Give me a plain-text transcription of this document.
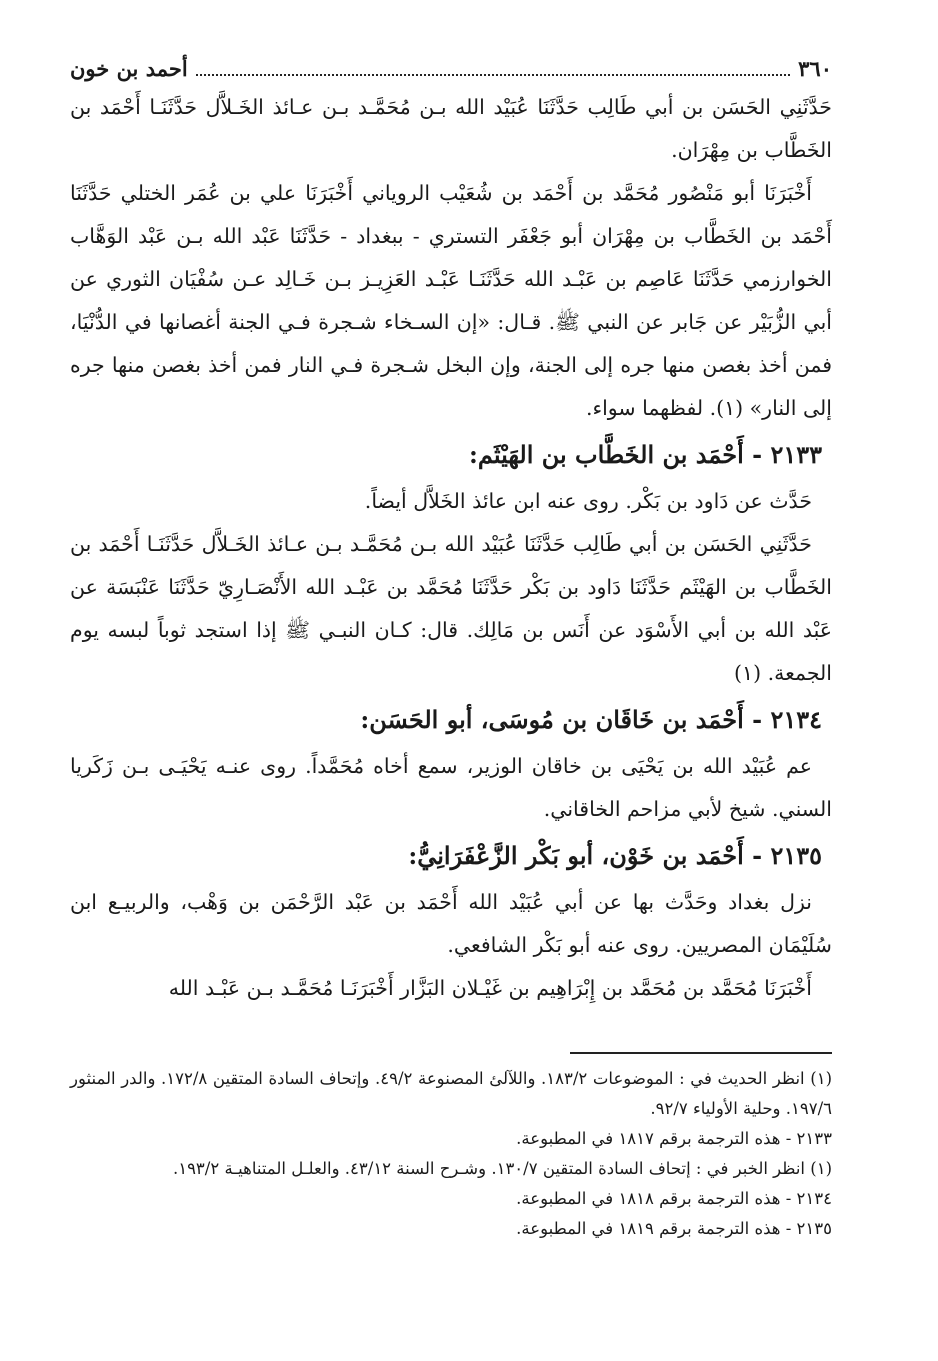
٣٦٠
أحمد بن خون

حَدَّثَنِي الحَسَن بن أبي طَالِب حَدَّثَنَا عُبَيْد الله بـن مُحَمَّـد بـن عـائذ الخَـلاَّل حَدَّثَنَـا أَحْمَد بن الخَطَّاب بن مِهْرَان.

أَخْبَرَنَا أبو مَنْصُور مُحَمَّد بن أَحْمَد بن شُعَيْب الروياني أَخْبَرَنَا علي بن عُمَر الختلي حَدَّثَنَا أَحْمَد بن الخَطَّاب بن مِهْرَان أبو جَعْفَر التستري - ببغداد - حَدَّثَنَا عَبْد الله بـن عَبْد الوَهَّاب الخوارزمي حَدَّثَنَا عَاصِم بن عَبْـد الله حَدَّثَنَـا عَبْـد العَزِيـز بـن خَـالِد عـن سُفْيَان الثوري عن أبي الزُّبَيْر عن جَابر عن النبي ﷺ. قـال: «إن السـخاء شـجرة فـي الجنة أغصانها في الدُّنْيَا، فمن أخذ بغصن منها جره إلى الجنة، وإن البخل شـجرة فـي النار فمن أخذ بغصن منها جره إلى النار» (١). لفظهما سواء.

٢١٣٣ - أَحْمَد بن الخَطَّاب بن الهَيْثَم:

حَدَّث عن دَاود بن بَكْر. روى عنه ابن عائذ الخَلاَّل أيضاً.

حَدَّثَنِي الحَسَن بن أبي طَالِب حَدَّثَنَا عُبَيْد الله بـن مُحَمَّـد بـن عـائذ الخَـلاَّل حَدَّثَنَـا أَحْمَد بن الخَطَّاب بن الهَيْثَم حَدَّثَنَا دَاود بن بَكْر حَدَّثَنَا مُحَمَّد بن عَبْـد الله الأَنْصَـارِيّ حَدَّثَنَا عَنْبَسَة عن عَبْد الله بن أبي الأَسْوَد عن أَنَس بن مَالِك. قال: كـان النبـي ﷺ إذا استجد ثوباً لبسه يوم الجمعة. (١)

٢١٣٤ - أَحْمَد بن خَاقَان بن مُوسَى، أبو الحَسَن:

عم عُبَيْد الله بن يَحْيَى بن خاقان الوزير، سمع أخاه مُحَمَّداً. روى عنـه يَحْيَـى بـن زَكَريا السني. شيخ لأبي مزاحم الخاقاني.

٢١٣٥ - أَحْمَد بن خَوْن، أبو بَكْر الزَّعْفَرَانِيُّ:

نزل بغداد وحَدَّث بها عن أبي عُبَيْد الله أَحْمَد بن عَبْد الرَّحْمَن بن وَهْب، والربيـع ابن سُلَيْمَان المصريين. روى عنه أبو بَكْر الشافعي.

أَخْبَرَنَا مُحَمَّد بن مُحَمَّد بن إِبْرَاهِيم بن غَيْـلان البَزَّار أَخْبَرَنَـا مُحَمَّـد بـن عَبْـد الله

(١) انظر الحديث في : الموضوعات ١٨٣/٢. واللآلئ المصنوعة ٤٩/٢. وإتحاف السادة المتقين ١٧٢/٨. والدر المنثور ١٩٧/٦. وحلية الأولياء ٩٢/٧.

٢١٣٣ - هذه الترجمة برقم ١٨١٧ في المطبوعة.

(١) انظر الخبر في : إتحاف السادة المتقين ١٣٠/٧. وشـرح السنة ٤٣/١٢. والعلـل المتناهيـة ١٩٣/٢.

٢١٣٤ - هذه الترجمة برقم ١٨١٨ في المطبوعة.

٢١٣٥ - هذه الترجمة برقم ١٨١٩ في المطبوعة.
